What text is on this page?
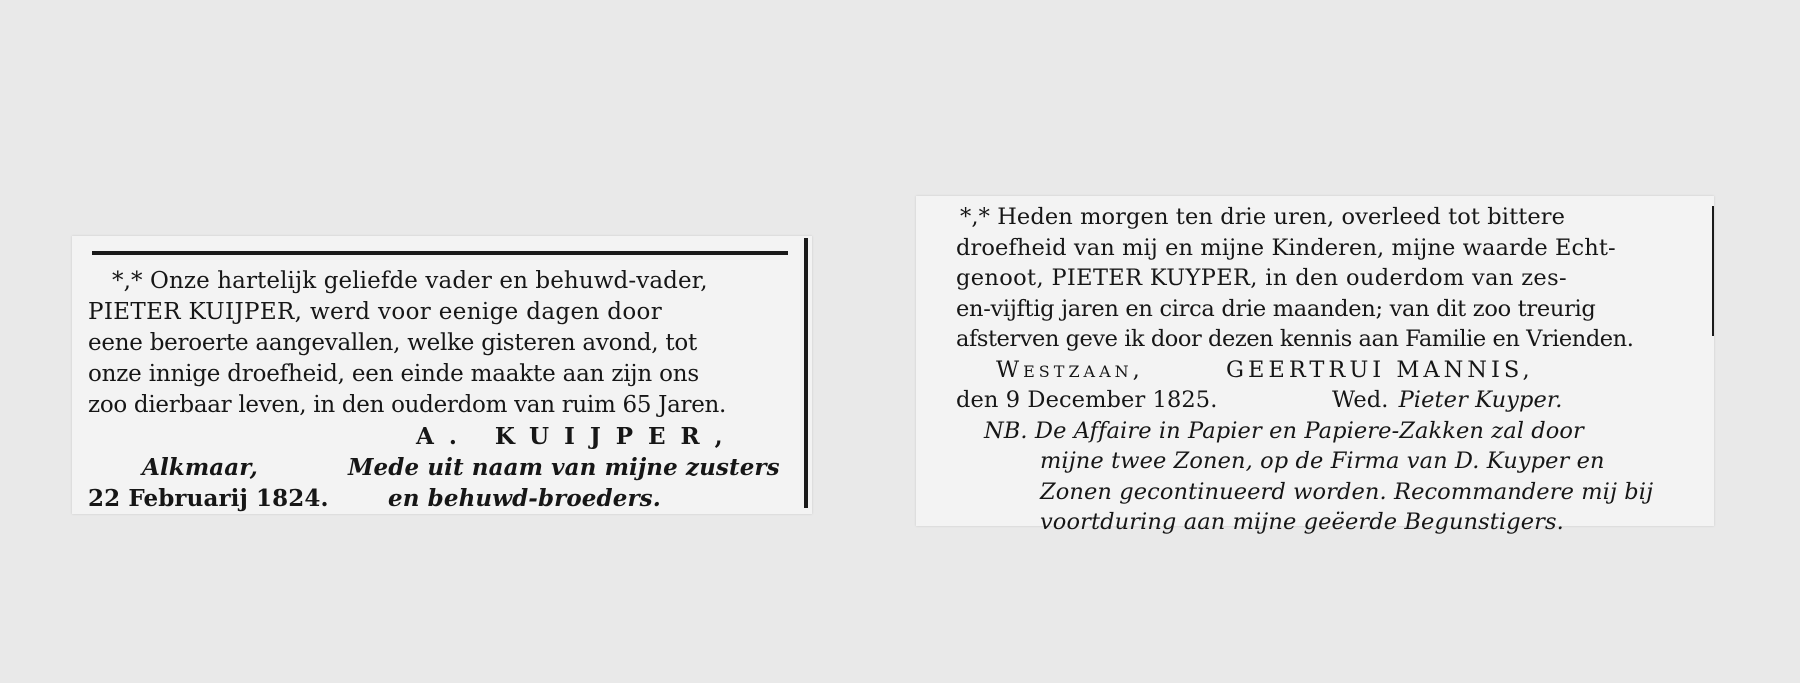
*,* Onze hartelijk geliefde vader en behuwd-vader,
PIETER KUIJPER, werd voor eenige dagen door
eene beroerte aangevallen, welke gisteren avond, tot
onze innige droefheid, een einde maakte aan zijn ons
zoo dierbaar leven, in den ouderdom van ruim 65 Jaren.
A. KUIJPER,
Alkmaar,	Mede uit naam van mijne zusters
22 Februarij 1824.	en behuwd-broeders.
*,* Heden morgen ten drie uren, overleed tot bittere
droefheid van mij en mijne Kinderen, mijne waarde Echt-
genoot, PIETER KUYPER, in den ouderdom van zes-
en-vijftig jaren en circa drie maanden; van dit zoo treurig
afsterven geve ik door dezen kennis aan Familie en Vrienden.
Westzaan,	GEERTRUI MANNIS,
den 9 December 1825.	Wed. Pieter Kuyper.
NB. De Affaire in Papier en Papiere-Zakken zal door
mijne twee Zonen, op de Firma van D. Kuyper en
Zonen gecontinueerd worden. Recommandere mij bij
voortduring aan mijne geëerde Begunstigers.
